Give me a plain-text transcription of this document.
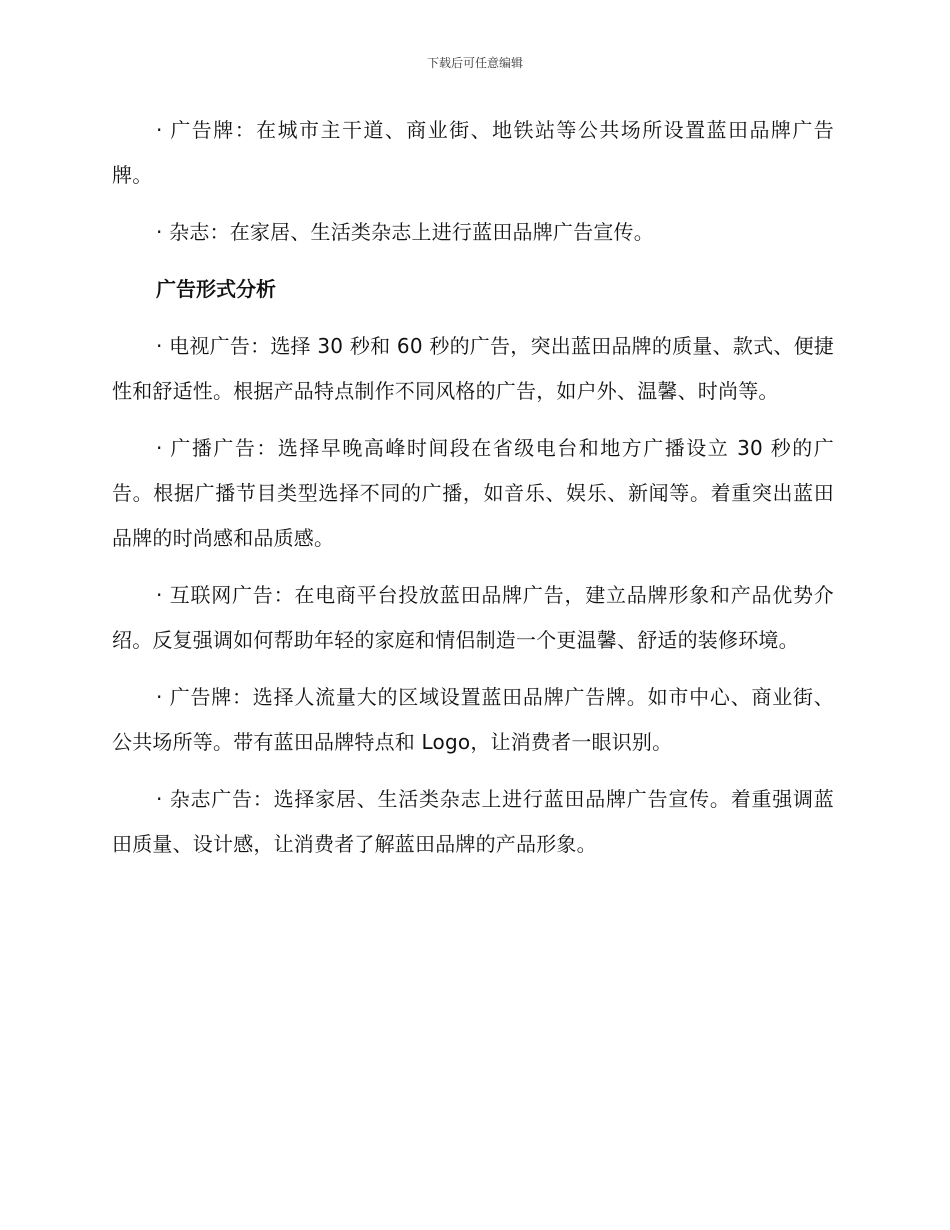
下载后可任意编辑

· 广告牌：在城市主干道、商业街、地铁站等公共场所设置蓝田品牌广告牌。

· 杂志：在家居、生活类杂志上进行蓝田品牌广告宣传。

广告形式分析

· 电视广告：选择 30 秒和 60 秒的广告，突出蓝田品牌的质量、款式、便捷性和舒适性。根据产品特点制作不同风格的广告，如户外、温馨、时尚等。

· 广播广告：选择早晚高峰时间段在省级电台和地方广播设立 30 秒的广告。根据广播节目类型选择不同的广播，如音乐、娱乐、新闻等。着重突出蓝田品牌的时尚感和品质感。

· 互联网广告：在电商平台投放蓝田品牌广告，建立品牌形象和产品优势介绍。反复强调如何帮助年轻的家庭和情侣制造一个更温馨、舒适的装修环境。

· 广告牌：选择人流量大的区域设置蓝田品牌广告牌。如市中心、商业街、公共场所等。带有蓝田品牌特点和 Logo，让消费者一眼识别。

· 杂志广告：选择家居、生活类杂志上进行蓝田品牌广告宣传。着重强调蓝田质量、设计感，让消费者了解蓝田品牌的产品形象。
